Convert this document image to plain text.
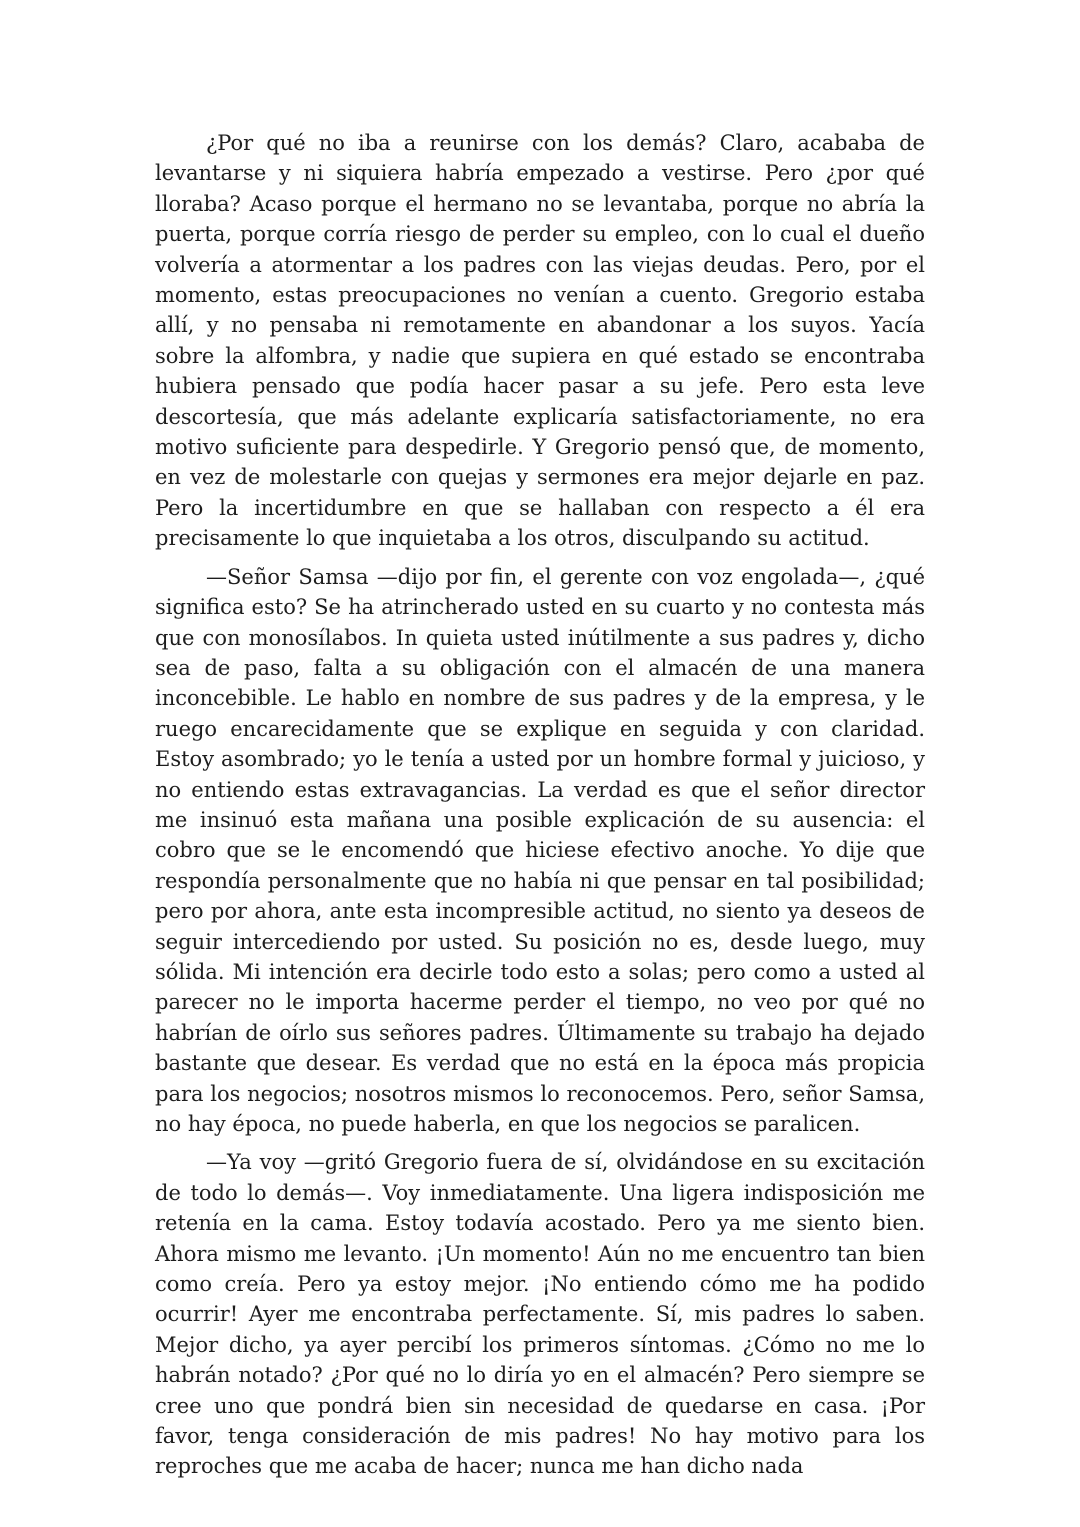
¿Por qué no iba a reunirse con los demás? Claro, acababa de levantarse y ni siquiera habría empezado a vestirse. Pero ¿por qué lloraba? Acaso porque el hermano no se levantaba, porque no abría la puerta, porque corría riesgo de perder su empleo, con lo cual el dueño volvería a atormentar a los padres con las viejas deudas. Pero, por el momento, estas preocupaciones no venían a cuento. Gregorio estaba allí, y no pensaba ni remotamente en abandonar a los suyos. Yacía sobre la alfombra, y nadie que supiera en qué estado se encontraba hubiera pensado que podía hacer pasar a su jefe. Pero esta leve descortesía, que más adelante explicaría satisfactoriamente, no era motivo suficiente para despedirle. Y Gregorio pensó que, de momento, en vez de molestarle con quejas y sermones era mejor dejarle en paz. Pero la incertidumbre en que se hallaban con respecto a él era precisamente lo que inquietaba a los otros, disculpando su actitud.

—Señor Samsa —dijo por fin, el gerente con voz engolada—, ¿qué significa esto? Se ha atrincherado usted en su cuarto y no contesta más que con monosílabos. In quieta usted inútilmente a sus padres y, dicho sea de paso, falta a su obligación con el almacén de una manera inconcebible. Le hablo en nombre de sus padres y de la empresa, y le ruego encarecidamente que se explique en seguida y con claridad. Estoy asombrado; yo le tenía a usted por un hombre formal y juicioso, y no entiendo estas extravagancias. La verdad es que el señor director me insinuó esta mañana una posible explicación de su ausencia: el cobro que se le encomendó que hiciese efectivo anoche. Yo dije que respondía personalmente que no había ni que pensar en tal posibilidad; pero por ahora, ante esta incompresible actitud, no siento ya deseos de seguir intercediendo por usted. Su posición no es, desde luego, muy sólida. Mi intención era decirle todo esto a solas; pero como a usted al parecer no le importa hacerme perder el tiempo, no veo por qué no habrían de oírlo sus señores padres. Últimamente su trabajo ha dejado bastante que desear. Es verdad que no está en la época más propicia para los negocios; nosotros mismos lo reconocemos. Pero, señor Samsa, no hay época, no puede haberla, en que los negocios se paralicen.

—Ya voy —gritó Gregorio fuera de sí, olvidándose en su excitación de todo lo demás—. Voy inmediatamente. Una ligera indisposición me retenía en la cama. Estoy todavía acostado. Pero ya me siento bien. Ahora mismo me levanto. ¡Un momento! Aún no me encuentro tan bien como creía. Pero ya estoy mejor. ¡No entiendo cómo me ha podido ocurrir! Ayer me encontraba perfectamente. Sí, mis padres lo saben. Mejor dicho, ya ayer percibí los primeros síntomas. ¿Cómo no me lo habrán notado? ¿Por qué no lo diría yo en el almacén? Pero siempre se cree uno que pondrá bien sin necesidad de quedarse en casa. ¡Por favor, tenga consideración de mis padres! No hay motivo para los reproches que me acaba de hacer; nunca me han dicho nada
